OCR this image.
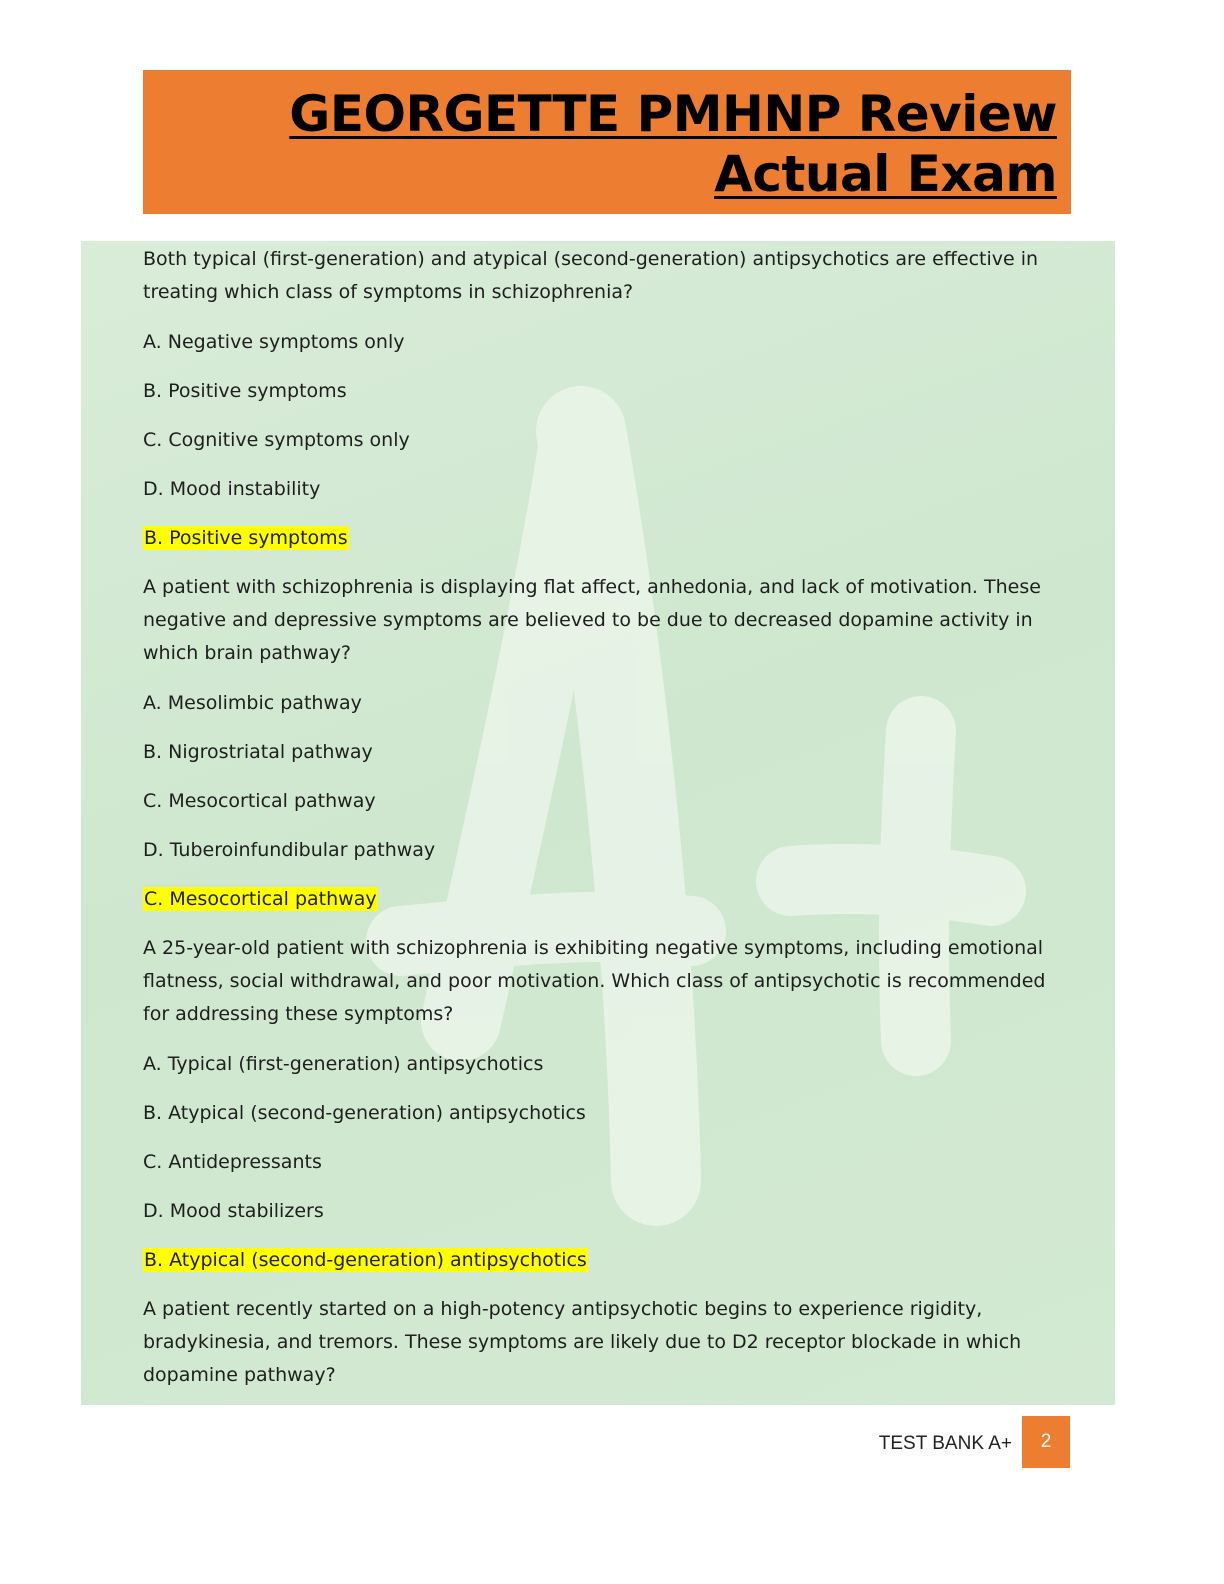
GEORGETTE PMHNP Review Actual Exam

Both typical (first-generation) and atypical (second-generation) antipsychotics are effective in treating which class of symptoms in schizophrenia?

A. Negative symptoms only

B. Positive symptoms

C. Cognitive symptoms only

D. Mood instability

B. Positive symptoms

A patient with schizophrenia is displaying flat affect, anhedonia, and lack of motivation. These negative and depressive symptoms are believed to be due to decreased dopamine activity in which brain pathway?

A. Mesolimbic pathway

B. Nigrostriatal pathway

C. Mesocortical pathway

D. Tuberoinfundibular pathway

C. Mesocortical pathway

A 25-year-old patient with schizophrenia is exhibiting negative symptoms, including emotional flatness, social withdrawal, and poor motivation. Which class of antipsychotic is recommended for addressing these symptoms?

A. Typical (first-generation) antipsychotics

B. Atypical (second-generation) antipsychotics

C. Antidepressants

D. Mood stabilizers

B. Atypical (second-generation) antipsychotics

A patient recently started on a high-potency antipsychotic begins to experience rigidity, bradykinesia, and tremors. These symptoms are likely due to D2 receptor blockade in which dopamine pathway?

TEST BANK A+	2
